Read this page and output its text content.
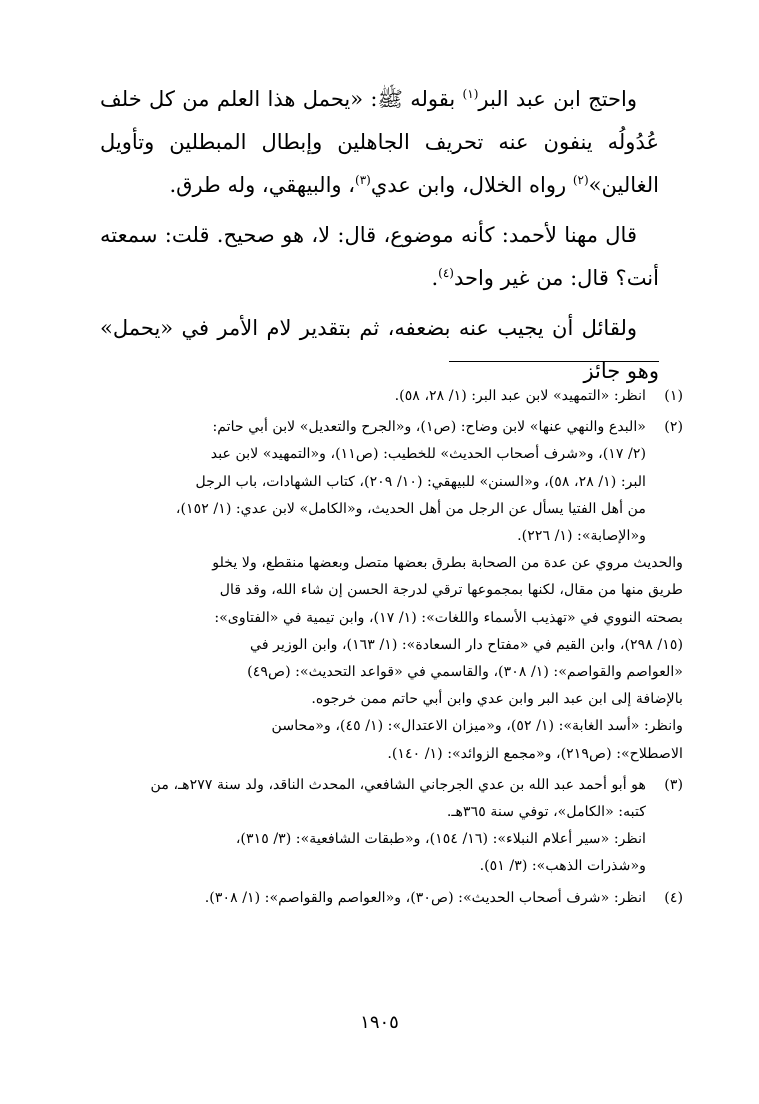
واحتج ابن عبد البر$^{(١)}$ بقوله ﷺ: «يحمل هذا العلم من كل خلف عُدُولُه ينفون عنه تحريف الجاهلين وإبطال المبطلين وتأويل الغالين»$^{(٢)}$ رواه الخلال، وابن عدي$^{(٣)}$، والبيهقي، وله طرق.

قال مهنا لأحمد: كأنه موضوع، قال: لا، هو صحيح. قلت: سمعته أنت؟ قال: من غير واحد$^{(٤)}$.

ولقائل أن يجيب عنه بضعفه، ثم بتقدير لام الأمر في «يحمل» وهو جائز

(١)

انظر: «التمهيد» لابن عبد البر: (١/ ٢٨، ٥٨).

(٢)

«البدع والنهي عنها» لابن وضاح: (ص١)، و«الجرح والتعديل» لابن أبي حاتم:

(٢/ ١٧)، و«شرف أصحاب الحديث» للخطيب: (ص١١)، و«التمهيد» لابن عبد

البر: (١/ ٢٨، ٥٨)، و«السنن» للبيهقي: (١٠/ ٢٠٩)، كتاب الشهادات، باب الرجل

من أهل الفتيا يسأل عن الرجل من أهل الحديث، و«الكامل» لابن عدي: (١/ ١٥٢)،

و«الإصابة»: (١/ ٢٢٦).

والحديث مروي عن عدة من الصحابة بطرق بعضها متصل وبعضها منقطع، ولا يخلو

طريق منها من مقال، لكنها بمجموعها ترقي لدرجة الحسن إن شاء الله، وقد قال

بصحته النووي في «تهذيب الأسماء واللغات»: (١/ ١٧)، وابن تيمية في «الفتاوى»:

(١٥/ ٢٩٨)، وابن القيم في «مفتاح دار السعادة»: (١/ ١٦٣)، وابن الوزير في

«العواصم والقواصم»: (١/ ٣٠٨)، والقاسمي في «قواعد التحديث»: (ص٤٩)

بالإضافة إلى ابن عبد البر وابن عدي وابن أبي حاتم ممن خرجوه.

وانظر: «أسد الغابة»: (١/ ٥٢)، و«ميزان الاعتدال»: (١/ ٤٥)، و«محاسن

الاصطلاح»: (ص٢١٩)، و«مجمع الزوائد»: (١/ ١٤٠).

(٣)

هو أبو أحمد عبد الله بن عدي الجرجاني الشافعي، المحدث الناقد، ولد سنة ٢٧٧هـ، من

كتبه: «الكامل»، توفي سنة ٣٦٥هـ.

انظر: «سير أعلام النبلاء»: (١٦/ ١٥٤)، و«طبقات الشافعية»: (٣/ ٣١٥)،

و«شذرات الذهب»: (٣/ ٥١).

(٤)

انظر: «شرف أصحاب الحديث»: (ص٣٠)، و«العواصم والقواصم»: (١/ ٣٠٨).

١٩٠٥
